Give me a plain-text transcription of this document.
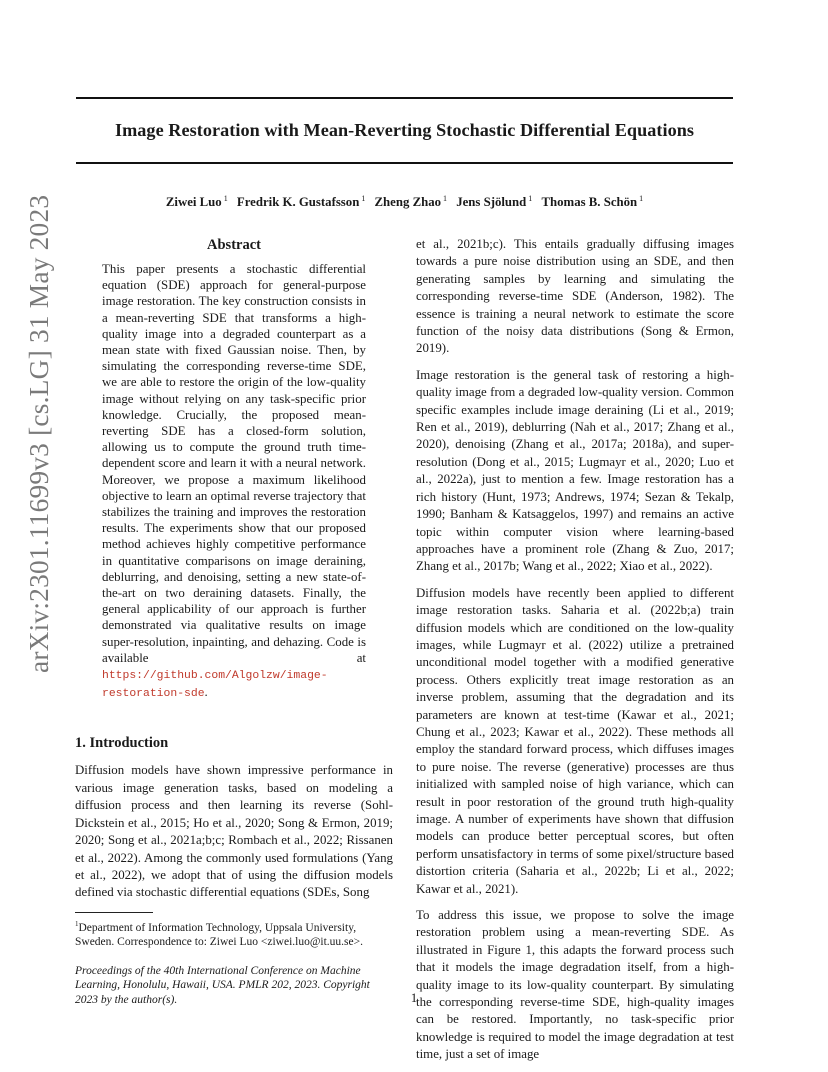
Image Restoration with Mean-Reverting Stochastic Differential Equations
Ziwei Luo $^1$ Fredrik K. Gustafsson $^1$ Zheng Zhao $^1$ Jens Sjölund $^1$ Thomas B. Schön $^1$
arXiv:2301.11699v3 [cs.LG] 31 May 2023	Abstract

This paper presents a stochastic differential equation (SDE) approach for general-purpose image restoration. The key construction consists in a mean-reverting SDE that transforms a high-quality image into a degraded counterpart as a mean state with fixed Gaussian noise. Then, by simulating the corresponding reverse-time SDE, we are able to restore the origin of the low-quality image without relying on any task-specific prior knowledge. Crucially, the proposed mean-reverting SDE has a closed-form solution, allowing us to compute the ground truth time-dependent score and learn it with a neural network. Moreover, we propose a maximum likelihood objective to learn an optimal reverse trajectory that stabilizes the training and improves the restoration results. The experiments show that our proposed method achieves highly competitive performance in quantitative comparisons on image deraining, deblurring, and denoising, setting a new state-of-the-art on two deraining datasets. Finally, the general applicability of our approach is further demonstrated via qualitative results on image super-resolution, inpainting, and dehazing. Code is available at https://github.com/Algolzw/image-restoration-sde.

1. Introduction

Diffusion models have shown impressive performance in various image generation tasks, based on modeling a diffusion process and then learning its reverse (Sohl-Dickstein et al., 2015; Ho et al., 2020; Song & Ermon, 2019; 2020; Song et al., 2021a;b;c; Rombach et al., 2022; Rissanen et al., 2022). Among the commonly used formulations (Yang et al., 2022), we adopt that of using the diffusion models defined via stochastic differential equations (SDEs, Song

$^1$Department of Information Technology, Uppsala University, Sweden. Correspondence to: Ziwei Luo <ziwei.luo@it.uu.se>.

Proceedings of the 40th International Conference on Machine Learning, Honolulu, Hawaii, USA. PMLR 202, 2023. Copyright 2023 by the author(s).

et al., 2021b;c). This entails gradually diffusing images towards a pure noise distribution using an SDE, and then generating samples by learning and simulating the corresponding reverse-time SDE (Anderson, 1982). The essence is training a neural network to estimate the score function of the noisy data distributions (Song & Ermon, 2019).

Image restoration is the general task of restoring a high-quality image from a degraded low-quality version. Common specific examples include image deraining (Li et al., 2019; Ren et al., 2019), deblurring (Nah et al., 2017; Zhang et al., 2020), denoising (Zhang et al., 2017a; 2018a), and super-resolution (Dong et al., 2015; Lugmayr et al., 2020; Luo et al., 2022a), just to mention a few. Image restoration has a rich history (Hunt, 1973; Andrews, 1974; Sezan & Tekalp, 1990; Banham & Katsaggelos, 1997) and remains an active topic within computer vision where learning-based approaches have a prominent role (Zhang & Zuo, 2017; Zhang et al., 2017b; Wang et al., 2022; Xiao et al., 2022).

Diffusion models have recently been applied to different image restoration tasks. Saharia et al. (2022b;a) train diffusion models which are conditioned on the low-quality images, while Lugmayr et al. (2022) utilize a pretrained unconditional model together with a modified generative process. Others explicitly treat image restoration as an inverse problem, assuming that the degradation and its parameters are known at test-time (Kawar et al., 2021; Chung et al., 2023; Kawar et al., 2022). These methods all employ the standard forward process, which diffuses images to pure noise. The reverse (generative) processes are thus initialized with sampled noise of high variance, which can result in poor restoration of the ground truth high-quality image. A number of experiments have shown that diffusion models can produce better perceptual scores, but often perform unsatisfactory in terms of some pixel/structure based distortion criteria (Saharia et al., 2022b; Li et al., 2022; Kawar et al., 2021).

To address this issue, we propose to solve the image restoration problem using a mean-reverting SDE. As illustrated in Figure 1, this adapts the forward process such that it models the image degradation itself, from a high-quality image to its low-quality counterpart. By simulating the corresponding reverse-time SDE, high-quality images can be restored. Importantly, no task-specific prior knowledge is required to model the image degradation at test time, just a set of image

1
